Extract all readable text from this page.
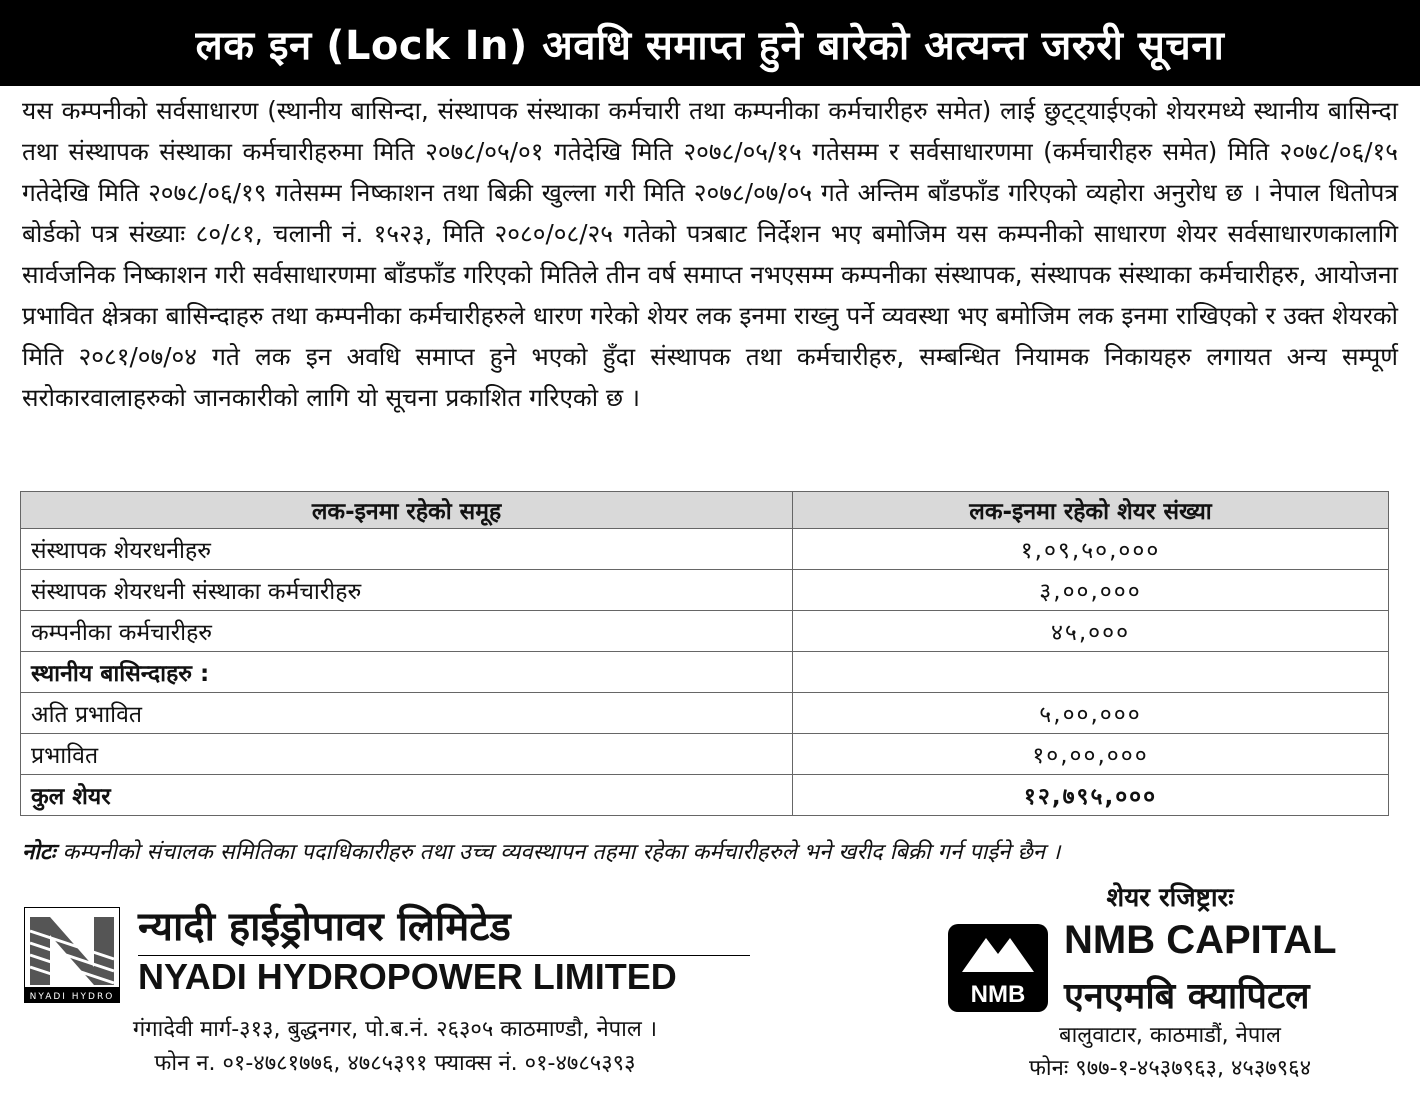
लक इन (Lock In) अवधि समाप्त हुने बारेको अत्यन्त जरुरी सूचना
यस कम्पनीको सर्वसाधारण (स्थानीय बासिन्दा, संस्थापक संस्थाका कर्मचारी तथा कम्पनीका कर्मचारीहरु समेत) लाई छुट्ट्याईएको शेयरमध्ये स्थानीय बासिन्दा तथा संस्थापक संस्थाका कर्मचारीहरुमा मिति २०७८/०५/०१ गतेदेखि मिति २०७८/०५/१५ गतेसम्म र सर्वसाधारणमा (कर्मचारीहरु समेत) मिति २०७८/०६/१५ गतेदेखि मिति २०७८/०६/१९ गतेसम्म निष्काशन तथा बिक्री खुल्ला गरी मिति २०७८/०७/०५ गते अन्तिम बाँडफाँड गरिएको व्यहोरा अनुरोध छ । नेपाल धितोपत्र बोर्डको पत्र संख्याः ८०/८१, चलानी नं. १५२३, मिति २०८०/०८/२५ गतेको पत्रबाट निर्देशन भए बमोजिम यस कम्पनीको साधारण शेयर सर्वसाधारणकालागि सार्वजनिक निष्काशन गरी सर्वसाधारणमा बाँडफाँड गरिएको मितिले तीन वर्ष समाप्त नभएसम्म कम्पनीका संस्थापक, संस्थापक संस्थाका कर्मचारीहरु, आयोजना प्रभावित क्षेत्रका बासिन्दाहरु तथा कम्पनीका कर्मचारीहरुले धारण गरेको शेयर लक इनमा राख्नु पर्ने व्यवस्था भए बमोजिम लक इनमा राखिएको र उक्त शेयरको मिति २०८१/०७/०४ गते लक इन अवधि समाप्त हुने भएको हुँदा संस्थापक तथा कर्मचारीहरु, सम्बन्धित नियामक निकायहरु लगायत अन्य सम्पूर्ण सरोकारवालाहरुको जानकारीको लागि यो सूचना प्रकाशित गरिएको छ ।
लक-इनमा रहेको समूह	लक-इनमा रहेको शेयर संख्या
संस्थापक शेयरधनीहरु	१,०९,५०,०००
संस्थापक शेयरधनी संस्थाका कर्मचारीहरु	३,००,०००
कम्पनीका कर्मचारीहरु	४५,०००
स्थानीय बासिन्दाहरु :	
अति प्रभावित	५,००,०००
प्रभावित	१०,००,०००
कुल शेयर	१२,७९५,०००
नोटः कम्पनीको संचालक समितिका पदाधिकारीहरु तथा उच्च व्यवस्थापन तहमा रहेका कर्मचारीहरुले भने खरीद बिक्री गर्न पाईने छैन ।
NYADI HYDRO
न्यादी हाईड्रोपावर लिमिटेड
NYADI HYDROPOWER LIMITED
गंगादेवी मार्ग-३१३, बुद्धनगर, पो.ब.नं. २६३०५ काठमाण्डौ, नेपाल ।
फोन न. ०१-४७८१७७६, ४७८५३९१ फ्याक्स नं. ०१-४७८५३९३
शेयर रजिष्ट्रारः
NMB
NMB CAPITAL
एनएमबि क्यापिटल
बालुवाटार, काठमाडौं, नेपाल
फोनः ९७७-१-४५३७९६३, ४५३७९६४
